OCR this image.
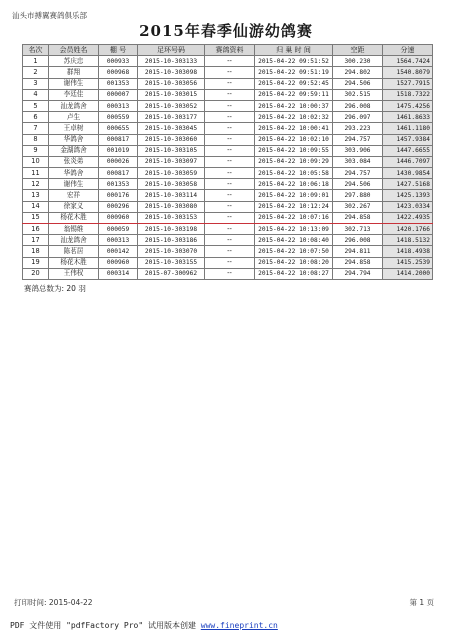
汕头市搏翼赛鸽俱乐部
2015年春季仙游幼鸽赛
名次	会员姓名	棚 号	足环号码	赛鸽资料	归 巢 时 间	空距	分速
1	苏庆忠	000933	2015-10-303133	--	2015-04-22 09:51:52	300.230	1564.7424
2	群翔	000968	2015-10-303098	--	2015-04-22 09:51:19	294.802	1540.8079
3	谢伟生	001353	2015-10-303056	--	2015-04-22 09:52:45	294.506	1527.7915
4	李廷佳	000007	2015-10-303015	--	2015-04-22 09:59:11	302.515	1518.7322
5	汕龙鸽舍	000313	2015-10-303052	--	2015-04-22 10:00:37	296.008	1475.4256
6	卢生	000559	2015-10-303177	--	2015-04-22 10:02:32	296.097	1461.8633
7	王卓树	000655	2015-10-303045	--	2015-04-22 10:00:41	293.223	1461.1180
8	华鸽舍	000817	2015-10-303060	--	2015-04-22 10:02:10	294.757	1457.9384
9	金湖鸽舍	001019	2015-10-303105	--	2015-04-22 10:09:55	303.906	1447.6655
10	张炎弟	000026	2015-10-303097	--	2015-04-22 10:09:29	303.084	1446.7097
11	华鸽舍	000817	2015-10-303059	--	2015-04-22 10:05:58	294.757	1430.9854
12	谢伟生	001353	2015-10-303058	--	2015-04-22 10:06:18	294.506	1427.5168
13	宏祥	000176	2015-10-303114	--	2015-04-22 10:09:01	297.880	1425.1393
14	徐家义	000296	2015-10-303080	--	2015-04-22 10:12:24	302.267	1423.0334
15	杨花木胜	000960	2015-10-303153	--	2015-04-22 10:07:16	294.858	1422.4935
16	翁锡维	000059	2015-10-303198	--	2015-04-22 10:13:09	302.713	1420.1766
17	汕龙鸽舍	000313	2015-10-303186	--	2015-04-22 10:08:40	296.008	1418.5132
18	陈茗居	000142	2015-10-303070	--	2015-04-22 10:07:50	294.811	1418.4938
19	杨花木胜	000960	2015-10-303155	--	2015-04-22 10:08:20	294.858	1415.2539
20	王伟权	000314	2015-07-300962	--	2015-04-22 10:08:27	294.794	1414.2000
赛鸽总数为: 20 羽
打印时间: 2015-04-22	第 1 页
PDF 文件使用 "pdfFactory Pro" 试用版本创建 www.fineprint.cn
